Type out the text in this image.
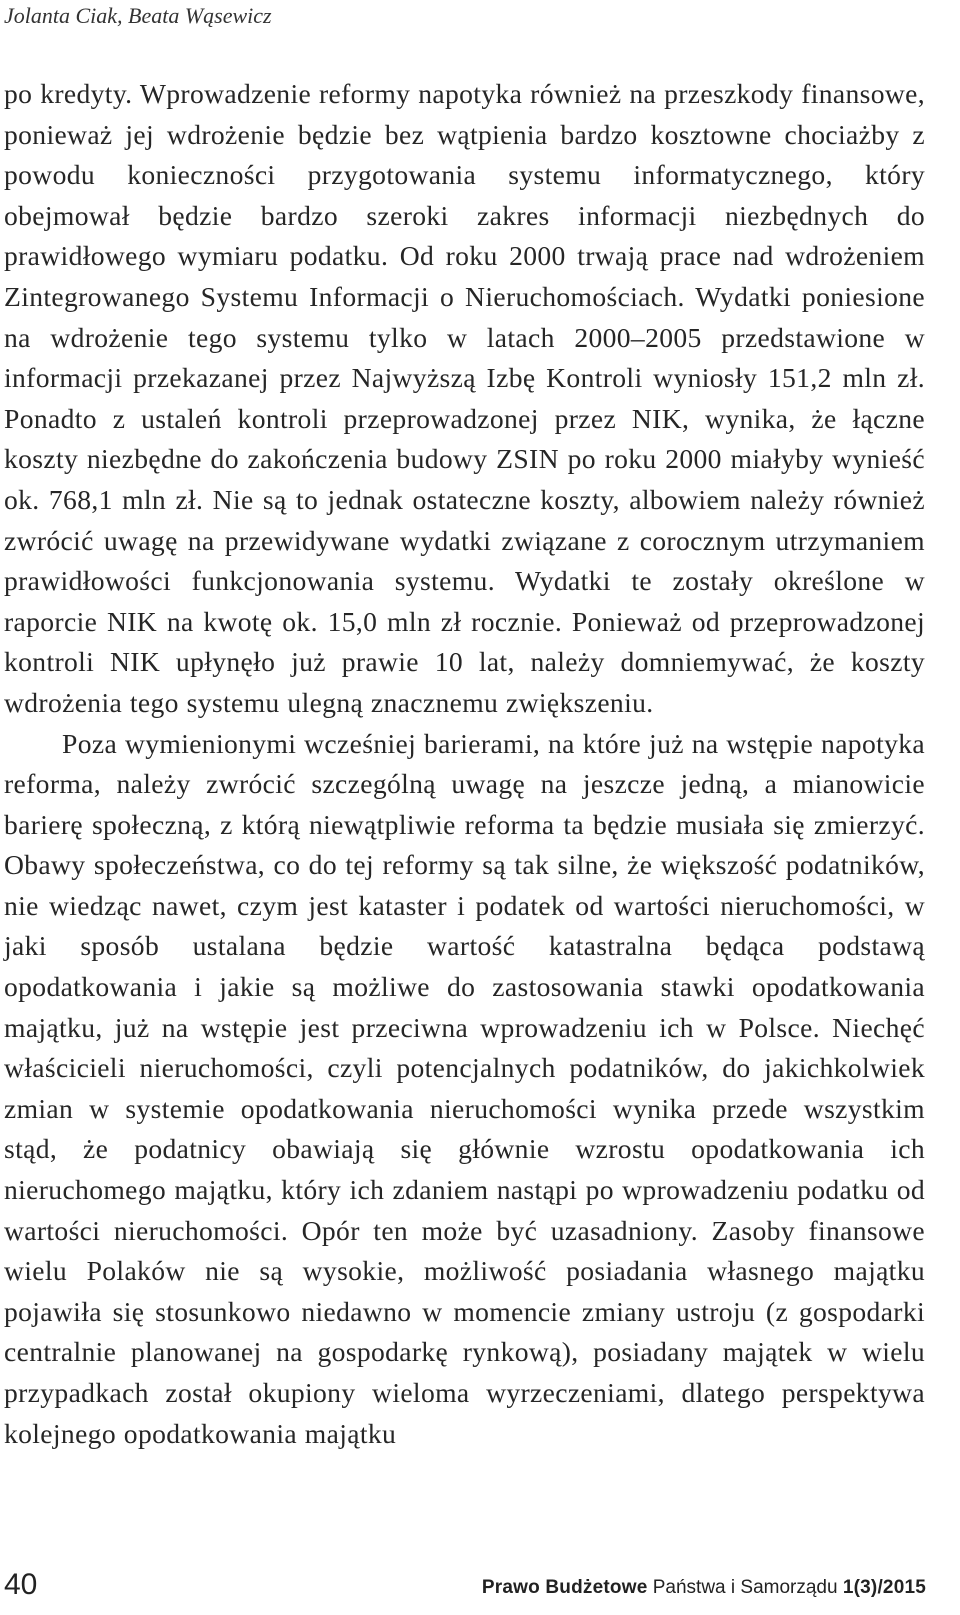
Jolanta Ciak, Beata Wąsewicz

po kredyty. Wprowadzenie reformy napotyka również na przeszkody finansowe, ponieważ jej wdrożenie będzie bez wątpienia bardzo kosztowne chociażby z powodu konieczności przygotowania systemu informatycznego, który obejmował będzie bardzo szeroki zakres informacji niezbędnych do prawidłowego wymiaru podatku. Od roku 2000 trwają prace nad wdrożeniem Zintegrowanego Systemu Informacji o Nieruchomościach. Wydatki poniesione na wdrożenie tego systemu tylko w latach 2000–2005 przedstawione w informacji przekazanej przez Najwyższą Izbę Kontroli wyniosły 151,2 mln zł. Ponadto z ustaleń kontroli przeprowadzonej przez NIK, wynika, że łączne koszty niezbędne do zakończenia budowy ZSIN po roku 2000 miałyby wynieść ok. 768,1 mln zł. Nie są to jednak ostateczne koszty, albowiem należy również zwrócić uwagę na przewidywane wydatki związane z corocznym utrzymaniem prawidłowości funkcjonowania systemu. Wydatki te zostały określone w raporcie NIK na kwotę ok. 15,0 mln zł rocznie. Ponieważ od przeprowadzonej kontroli NIK upłynęło już prawie 10 lat, należy domniemywać, że koszty wdrożenia tego systemu ulegną znacznemu zwiększeniu.

Poza wymienionymi wcześniej barierami, na które już na wstępie napotyka reforma, należy zwrócić szczególną uwagę na jeszcze jedną, a mianowicie barierę społeczną, z którą niewątpliwie reforma ta będzie musiała się zmierzyć. Obawy społeczeństwa, co do tej reformy są tak silne, że większość podatników, nie wiedząc nawet, czym jest kataster i podatek od wartości nieruchomości, w jaki sposób ustalana będzie wartość katastralna będąca podstawą opodatkowania i jakie są możliwe do zastosowania stawki opodatkowania majątku, już na wstępie jest przeciwna wprowadzeniu ich w Polsce. Niechęć właścicieli nieruchomości, czyli potencjalnych podatników, do jakichkolwiek zmian w systemie opodatkowania nieruchomości wynika przede wszystkim stąd, że podatnicy obawiają się głównie wzrostu opodatkowania ich nieruchomego majątku, który ich zdaniem nastąpi po wprowadzeniu podatku od wartości nieruchomości. Opór ten może być uzasadniony. Zasoby finansowe wielu Polaków nie są wysokie, możliwość posiadania własnego majątku pojawiła się stosunkowo niedawno w momencie zmiany ustroju (z gospodarki centralnie planowanej na gospodarkę rynkową), posiadany majątek w wielu przypadkach został okupiony wieloma wyrzeczeniami, dlatego perspektywa kolejnego opodatkowania majątku

40	Prawo Budżetowe Państwa i Samorządu 1(3)/2015
